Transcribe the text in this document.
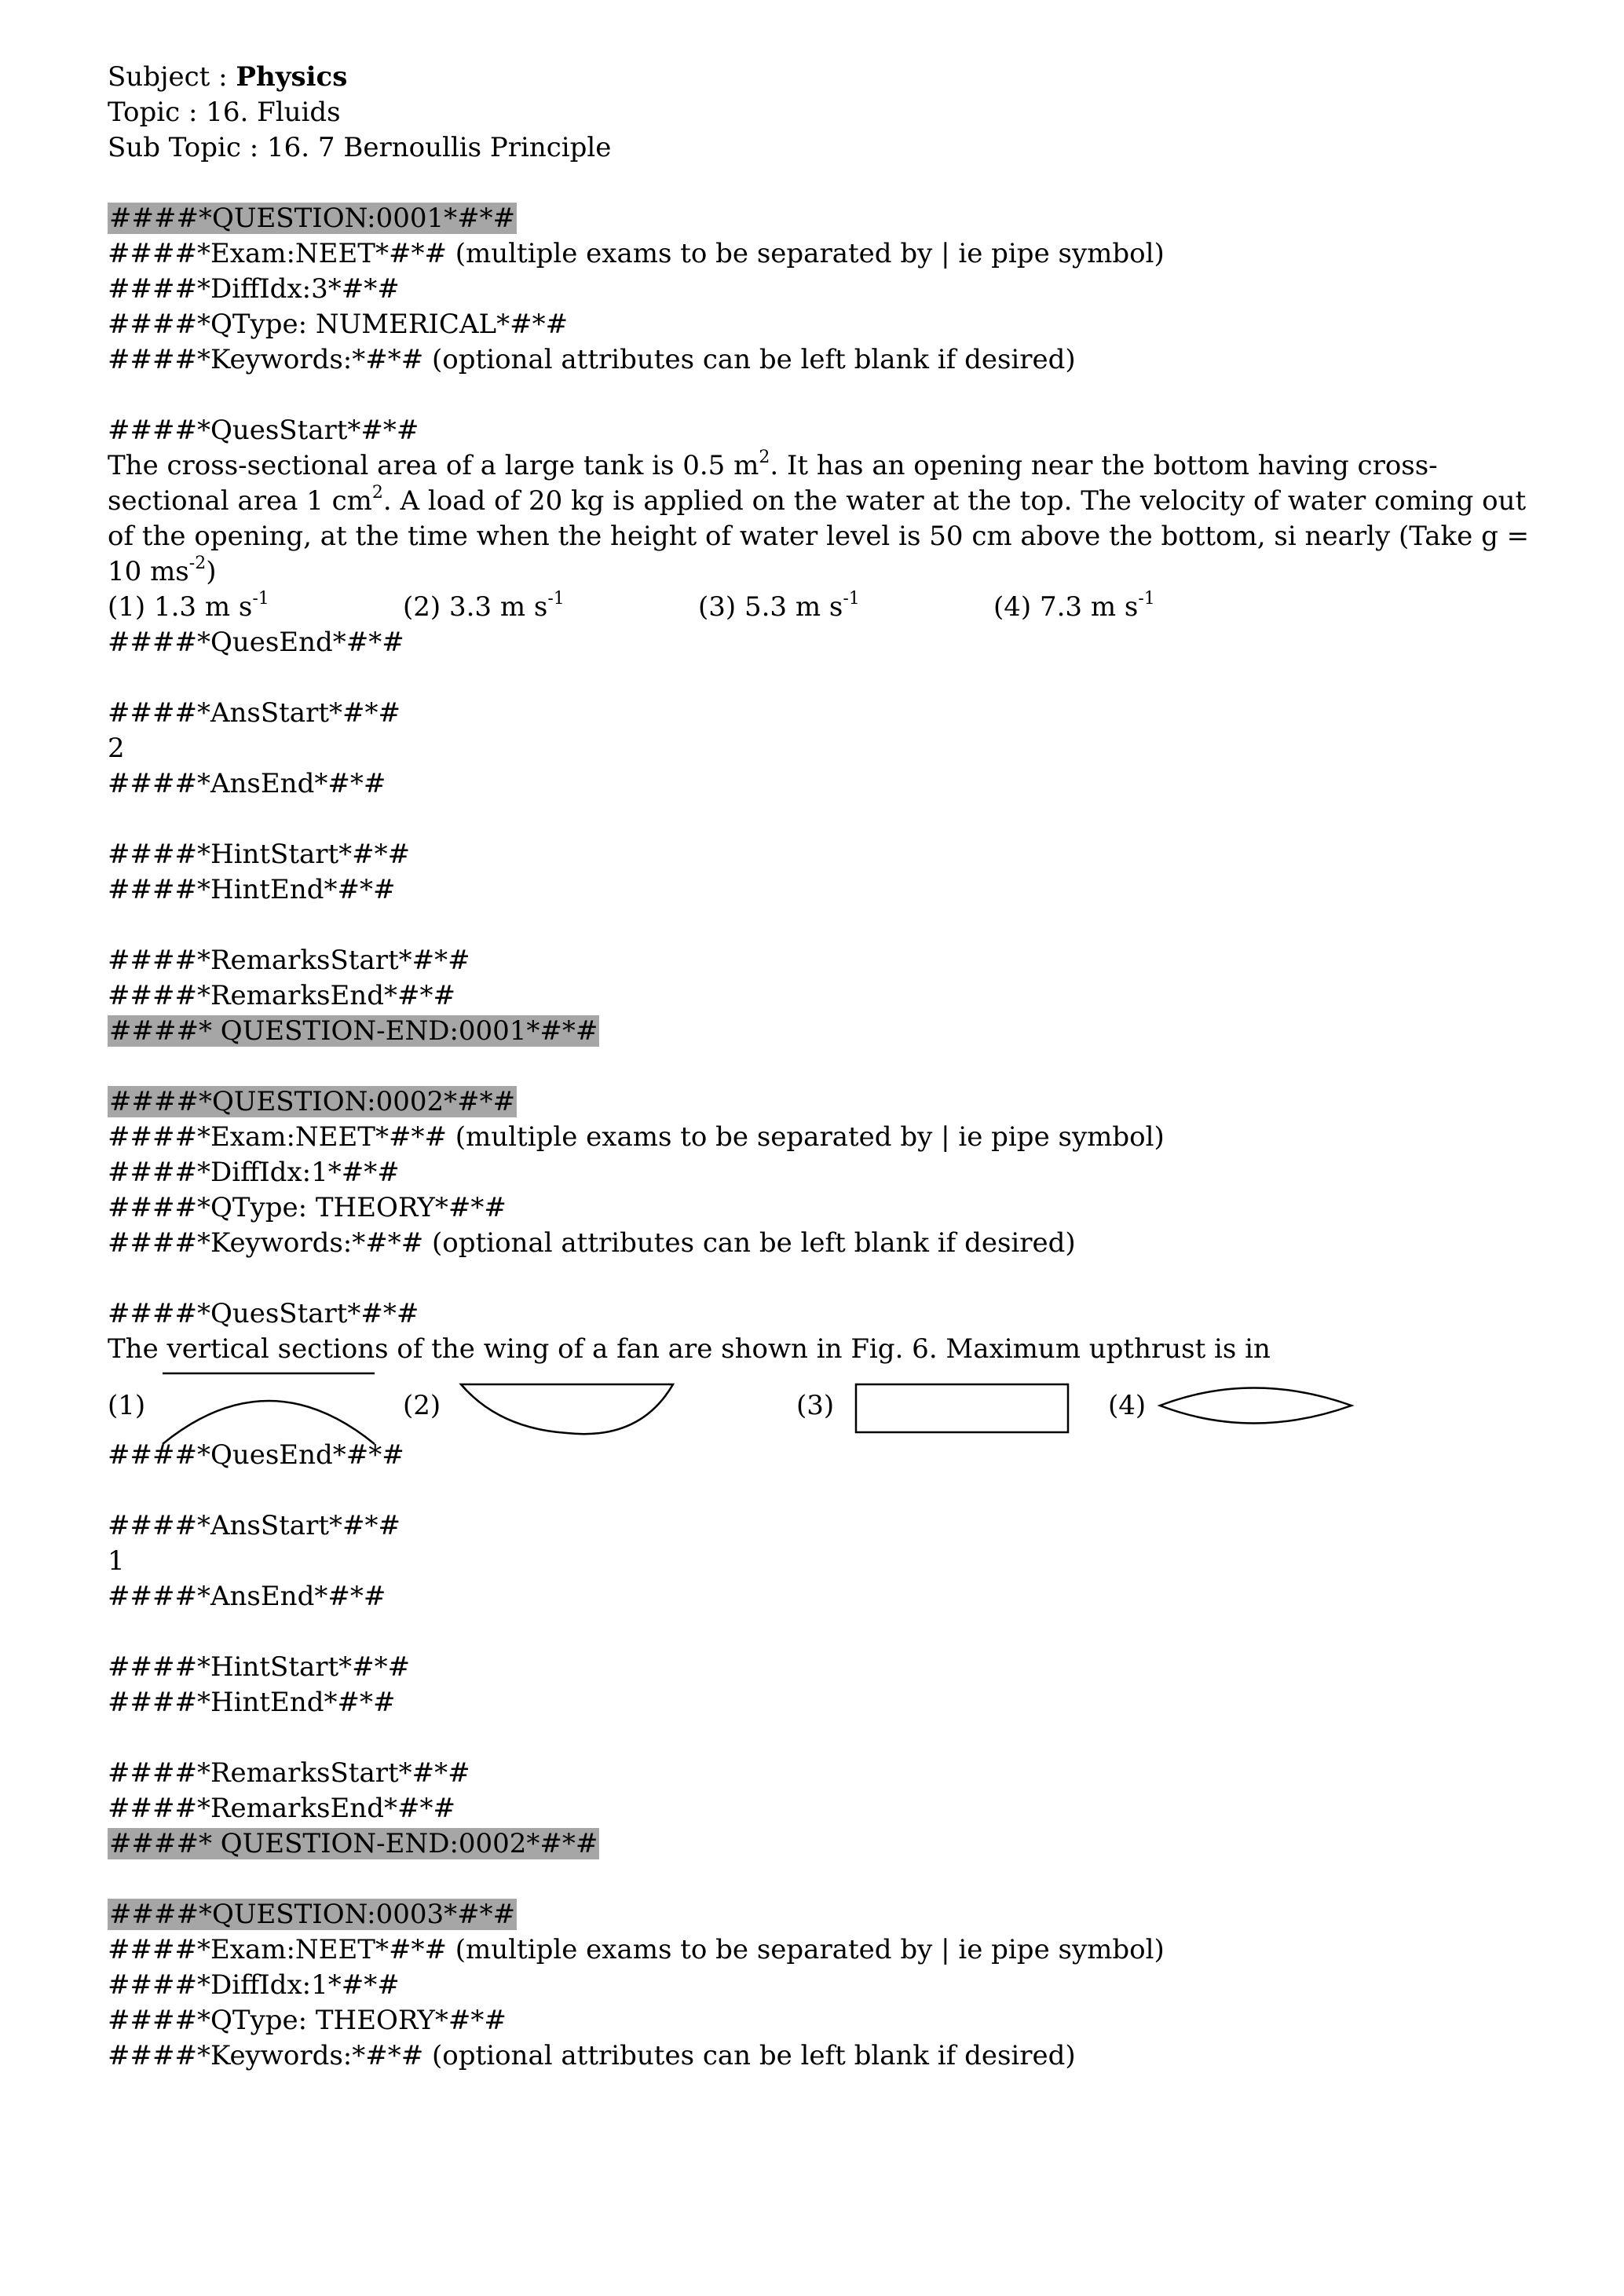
Subject : Physics
Topic : 16. Fluids
Sub Topic : 16. 7 Bernoullis Principle
####*QUESTION:0001*#*#
####*Exam:NEET*#*# (multiple exams to be separated by | ie pipe symbol)
####*DiffIdx:3*#*#
####*QType: NUMERICAL*#*#
####*Keywords:*#*# (optional attributes can be left blank if desired)
####*QuesStart*#*#
The cross-sectional area of a large tank is 0.5 $m^2$. It has an opening near the bottom having cross-sectional area 1 $cm^2$. A load of 20 kg is applied on the water at the top. The velocity of water coming out of the opening, at the time when the height of water level is 50 cm above the bottom, si nearly (Take g = 10 $ms^{-2}$)
(1) 1.3 m $s^{-1}$	(2) 3.3 m $s^{-1}$	(3) 5.3 m $s^{-1}$	(4) 7.3 m $s^{-1}$
####*QuesEnd*#*#
####*AnsStart*#*#
2
####*AnsEnd*#*#
####*HintStart*#*#
####*HintEnd*#*#
####*RemarksStart*#*#
####*RemarksEnd*#*#
####* QUESTION-END:0001*#*#
####*QUESTION:0002*#*#
####*Exam:NEET*#*# (multiple exams to be separated by | ie pipe symbol)
####*DiffIdx:1*#*#
####*QType: THEORY*#*#
####*Keywords:*#*# (optional attributes can be left blank if desired)
####*QuesStart*#*#
The vertical sections of the wing of a fan are shown in Fig. 6. Maximum upthrust is in
(1)	(2)	(3)	(4)
####*QuesEnd*#*#
####*AnsStart*#*#
1
####*AnsEnd*#*#
####*HintStart*#*#
####*HintEnd*#*#
####*RemarksStart*#*#
####*RemarksEnd*#*#
####* QUESTION-END:0002*#*#
####*QUESTION:0003*#*#
####*Exam:NEET*#*# (multiple exams to be separated by | ie pipe symbol)
####*DiffIdx:1*#*#
####*QType: THEORY*#*#
####*Keywords:*#*# (optional attributes can be left blank if desired)
